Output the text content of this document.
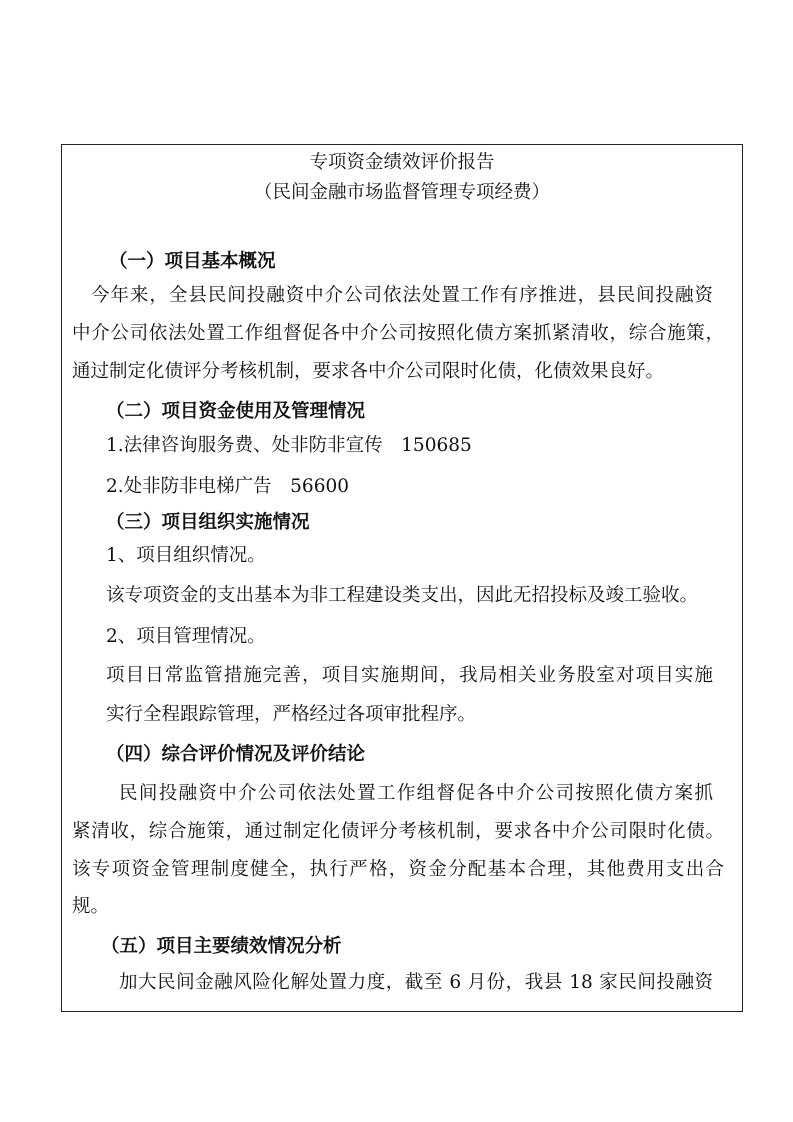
专项资金绩效评价报告
（民间金融市场监督管理专项经费）
（一）项目基本概况
今年来，全县民间投融资中介公司依法处置工作有序推进，县民间投融资
中介公司依法处置工作组督促各中介公司按照化债方案抓紧清收，综合施策，
通过制定化债评分考核机制，要求各中介公司限时化债，化债效果良好。
（二）项目资金使用及管理情况
1.法律咨询服务费、处非防非宣传　150685
2.处非防非电梯广告　56600
（三）项目组织实施情况
1、项目组织情况。
该专项资金的支出基本为非工程建设类支出，因此无招投标及竣工验收。
2、项目管理情况。
项目日常监管措施完善，项目实施期间，我局相关业务股室对项目实施
实行全程跟踪管理，严格经过各项审批程序。
（四）综合评价情况及评价结论
民间投融资中介公司依法处置工作组督促各中介公司按照化债方案抓
紧清收，综合施策，通过制定化债评分考核机制，要求各中介公司限时化债。
该专项资金管理制度健全，执行严格，资金分配基本合理，其他费用支出合
规。
（五）项目主要绩效情况分析
加大民间金融风险化解处置力度，截至 6 月份，我县 18 家民间投融资
